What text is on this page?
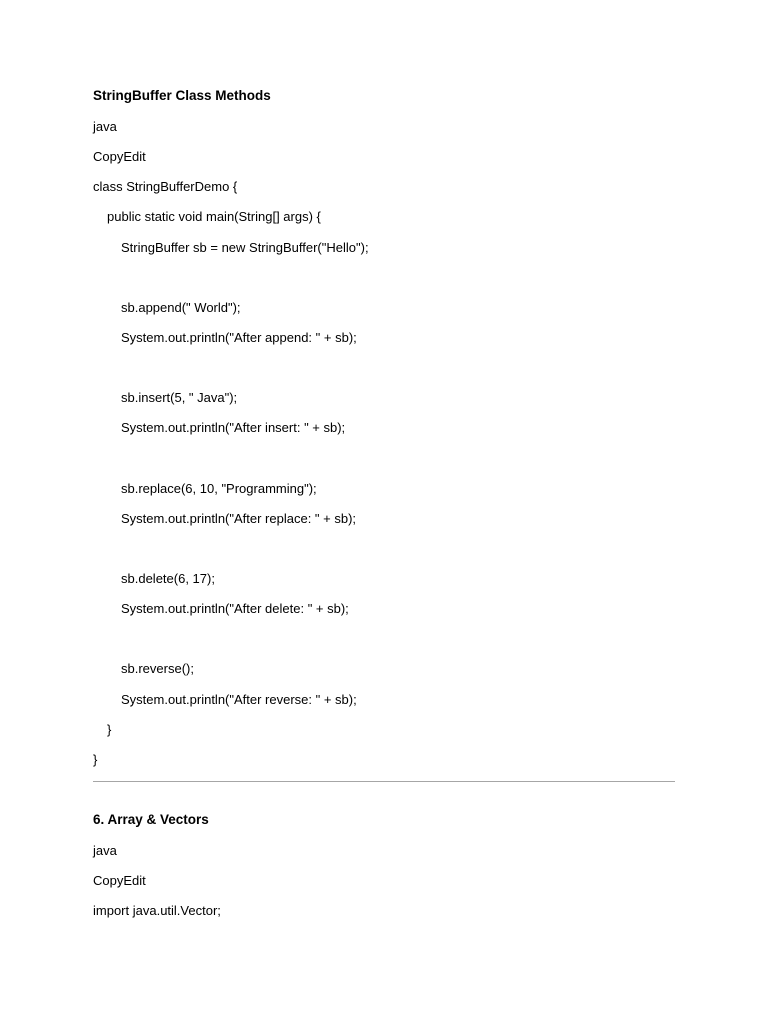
StringBuffer Class Methods
java
CopyEdit
class StringBufferDemo {
public static void main(String[] args) {
StringBuffer sb = new StringBuffer("Hello");
sb.append(" World");
System.out.println("After append: " + sb);
sb.insert(5, " Java");
System.out.println("After insert: " + sb);
sb.replace(6, 10, "Programming");
System.out.println("After replace: " + sb);
sb.delete(6, 17);
System.out.println("After delete: " + sb);
sb.reverse();
System.out.println("After reverse: " + sb);
}
}
6. Array & Vectors
java
CopyEdit
import java.util.Vector;
